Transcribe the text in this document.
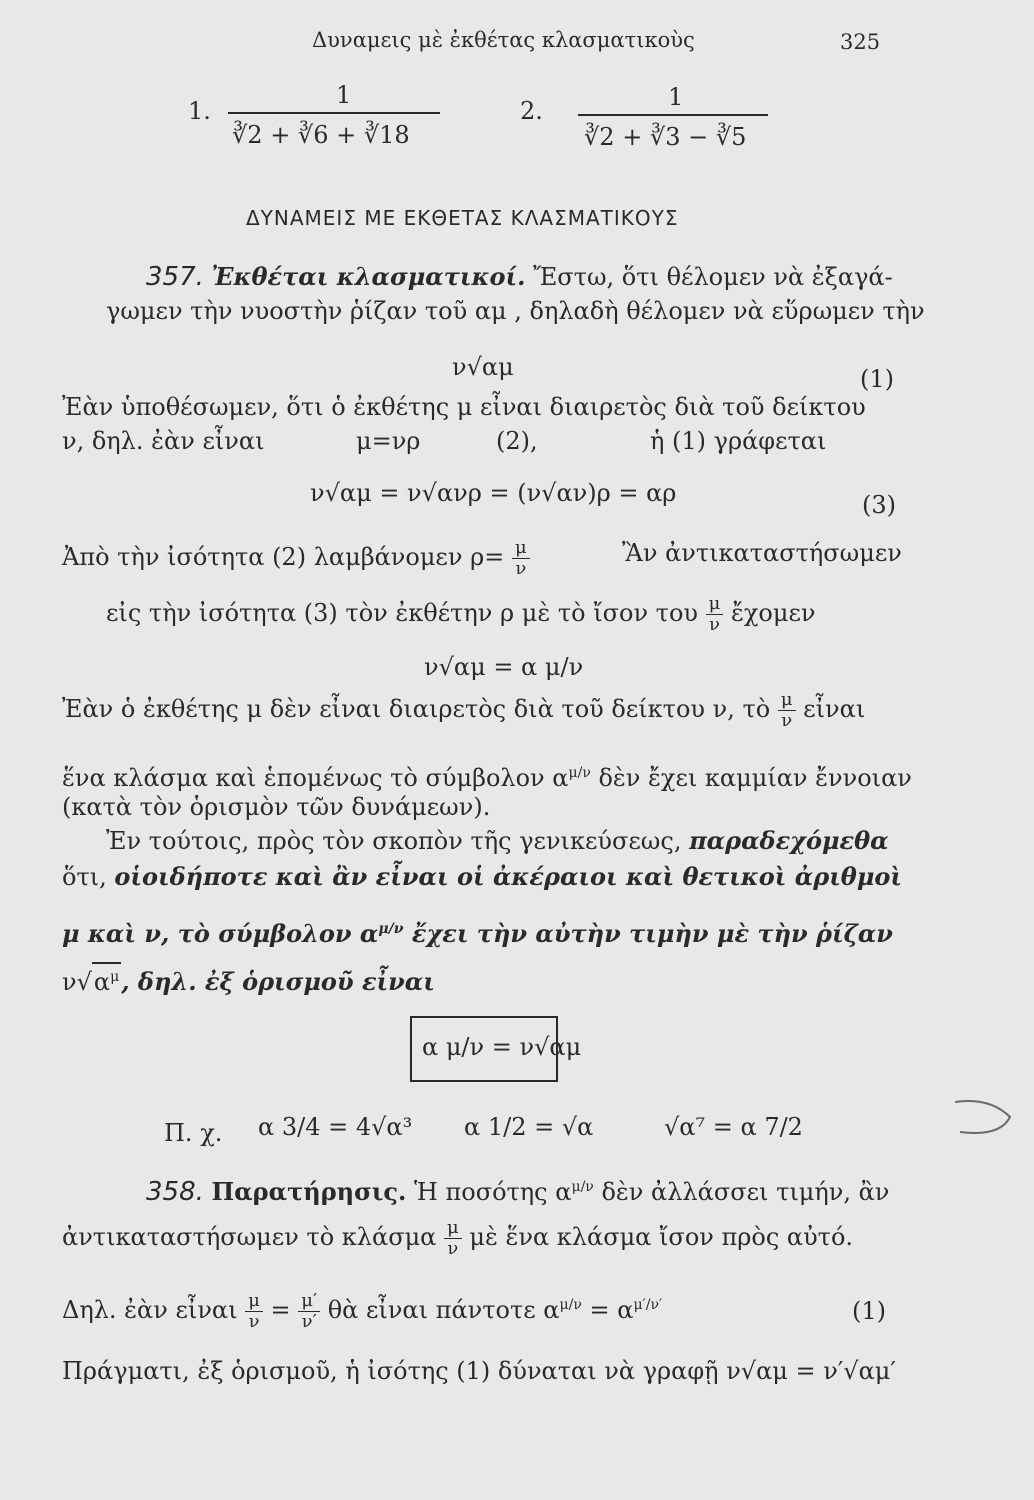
Δυναμεις μὲ ἐκθέτας κλασματικοὺς	325
1.
1
∛2 + ∛6 + ∛18
2.	1
∛2 + ∛3 − ∛5
ΔΥΝΑΜΕΙΣ ΜΕ ΕΚΘΕΤΑΣ ΚΛΑΣΜΑΤΙΚΟΥΣ
357. Ἐκθέται κλασματικοί. Ἔστω, ὅτι θέλομεν νὰ ἐξαγά-
γωμεν τὴν νυοστὴν ῥίζαν τοῦ αμ , δηλαδὴ θέλομεν νὰ εὕρωμεν τὴν
ν√αμ	(1)
Ἐὰν ὑποθέσωμεν, ὅτι ὁ ἐκθέτης μ εἶναι διαιρετὸς διὰ τοῦ δείκτου
ν, δηλ. ἐὰν εἶναι	μ=νρ	(2),	ἡ (1) γράφεται
ν√αμ = ν√ανρ = (ν√αν)ρ = αρ	(3)
Ἀπὸ τὴν ἰσότητα (2) λαμβάνομεν $\rho= \frac{\mu}{\nu}$	Ἂν ἀντικαταστήσωμεν
εἰς τὴν ἰσότητα (3) τὸν ἐκθέτην ρ μὲ τὸ ἴσον του $\frac{\mu}{\nu}$ ἔχομεν
ν√αμ = α μ/ν
Ἐὰν ὁ ἐκθέτης μ δὲν εἶναι διαιρετὸς διὰ τοῦ δείκτου ν, τὸ $\frac{\mu}{\nu}$ εἶναι
ἕνα κλάσμα καὶ ἑπομένως τὸ σύμβολον $\alpha^{\mu/\nu}$ δὲν ἔχει καμμίαν ἔννοιαν
(κατὰ τὸν ὁρισμὸν τῶν δυνάμεων).
Ἐν τούτοις, πρὸς τὸν σκοπὸν τῆς γενικεύσεως, παραδεχόμεθα
ὅτι, οἱοιδήποτε καὶ ἂν εἶναι οἱ ἀκέραιοι καὶ θετικοὶ ἀριθμοὶ
μ καὶ ν, τὸ σύμβολον $\alpha^{\mu/\nu}$ ἔχει τὴν αὐτὴν τιμὴν μὲ τὴν ῥίζαν
$\nu√\alpha^\mu$, δηλ. ἐξ ὁρισμοῦ εἶναι
α μ/ν = ν√αμ
Π. χ. α 3/4 = 4√α³ α 1/2 = √α	√α⁷ = α 7/2
358. Παρατήρησις. Ἡ ποσότης $\alpha^{\mu/\nu}$ δὲν ἀλλάσσει τιμήν, ἂν
ἀντικαταστήσωμεν τὸ κλάσμα $\frac{\mu}{\nu}$ μὲ ἕνα κλάσμα ἴσον πρὸς αὐτό.
Δηλ. ἐὰν εἶναι $\frac{\mu}{\nu} = \frac{\mu'}{\nu'}$ θὰ εἶναι πάντοτε $\alpha^{\mu/\nu} = \alpha^{\mu'/\nu'}$	(1)
Πράγματι, ἐξ ὁρισμοῦ, ἡ ἰσότης (1) δύναται νὰ γραφῇ ν√αμ = ν′√αμ′
